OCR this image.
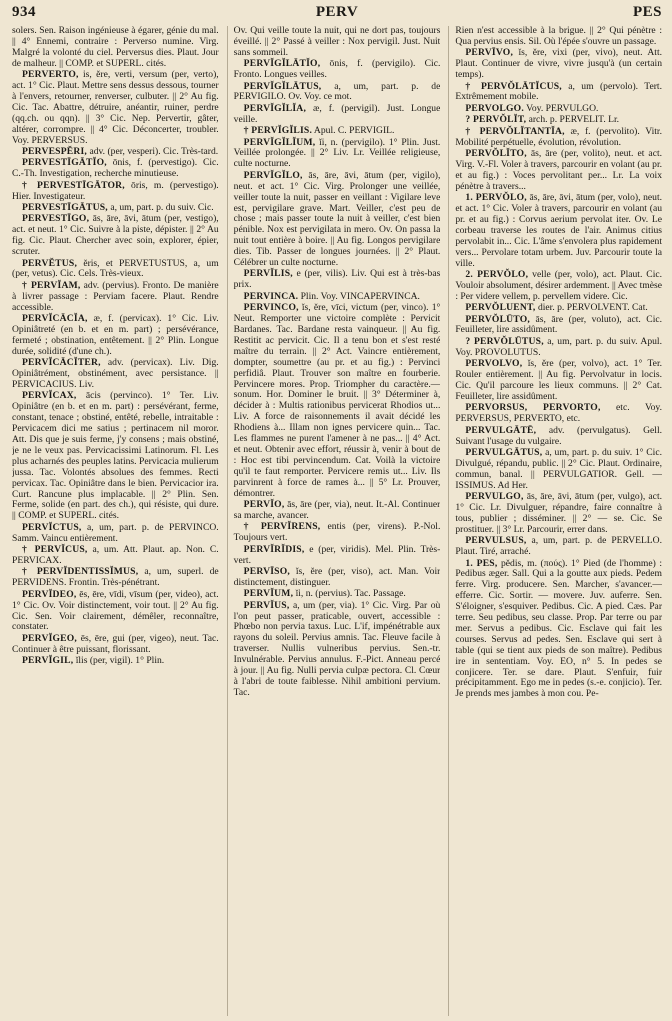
934	PERV	PES

solers. Sen. Raison ingénieuse à égarer, génie du mal. || 4° Ennemi, contraire : Perverso numine. Virg. Malgré la volonté du ciel. Perversus dies. Plaut. Jour de malheur. || COMP. et SUPERL. cités.

PERVERTO, is, ĕre, verti, versum (per, verto), act. 1° Cic. Plaut. Mettre sens dessus dessous, tourner à l'envers, retourner, renverser, culbuter. || 2° Au fig. Cic. Tac. Abattre, détruire, anéantir, ruiner, perdre (qq.ch. ou qqn). || 3° Cic. Nep. Pervertir, gâter, altérer, corrompre. || 4° Cic. Déconcerter, troubler. Voy. PERVERSUS.

PERVESPĔRI, adv. (per, vesperi). Cic. Très-tard.

PERVESTĪGĀTĬO, ōnis, f. (pervestigo). Cic. C.-Th. Investigation, recherche minutieuse.

† PERVESTĪGĀTOR, ōris, m. (pervestigo). Hier. Investigateur.

PERVESTĪGĀTUS, a, um, part. p. du suiv. Cic.

PERVESTĪGO, ās, āre, āvi, ātum (per, vestigo), act. et neut. 1° Cic. Suivre à la piste, dépister. || 2° Au fig. Cic. Plaut. Chercher avec soin, explorer, épier, scruter.

PERVĔTUS, ĕris, et PERVETUSTUS, a, um (per, vetus). Cic. Cels. Très-vieux.

† PERVĬAM, adv. (pervius). Fronto. De manière à livrer passage : Perviam facere. Plaut. Rendre accessible.

PERVĬCĀCĬA, æ, f. (pervicax). 1° Cic. Liv. Opiniâtreté (en b. et en m. part) ; persévérance, fermeté ; obstination, entêtement. || 2° Plin. Longue durée, solidité (d'une ch.).

PERVĬCĀCĬTER, adv. (pervicax). Liv. Dig. Opiniâtrément, obstinément, avec persistance. || PERVICACIUS. Liv.

PERVĬCAX, ācis (pervinco). 1° Ter. Liv. Opiniâtre (en b. et en m. part) : persévérant, ferme, constant, tenace ; obstiné, entêté, rebelle, intraitable : Pervicacem dici me satius ; pertinacem nil moror. Att. Dis que je suis ferme, j'y consens ; mais obstiné, je ne le veux pas. Pervicacissimi Latinorum. Fl. Les plus acharnés des peuples latins. Pervicacia mulierum jussa. Tac. Volontés absolues des femmes. Recti pervicax. Tac. Opiniâtre dans le bien. Pervicacior ira. Curt. Rancune plus implacable. || 2° Plin. Sen. Ferme, solide (en part. des ch.), qui résiste, qui dure. || COMP. et SUPERL. cités.

PERVĬCTUS, a, um, part. p. de PERVINCO. Samm. Vaincu entièrement.

† PERVĬCUS, a, um. Att. Plaut. ap. Non. C. PERVICAX.

† PERVĬDENTISSĬMUS, a, um, superl. de PERVIDENS. Frontin. Très-pénétrant.

PERVĬDEO, ēs, ēre, vīdi, vīsum (per, video), act. 1° Cic. Ov. Voir distinctement, voir tout. || 2° Au fig. Cic. Sen. Voir clairement, démêler, reconnaître, constater.

PERVĬGEO, ēs, ēre, gui (per, vigeo), neut. Tac. Continuer à être puissant, florissant.

PERVĬGIL, ĭlis (per, vigil). 1° Plin.

Ov. Qui veille toute la nuit, qui ne dort pas, toujours éveillé. || 2° Passé à veiller : Nox pervigil. Just. Nuit sans sommeil.

PERVĬGĬLĀTĬO, ōnis, f. (pervigilo). Cic. Fronto. Longues veilles.

PERVĬGĬLĀTUS, a, um, part. p. de PERVIGILO. Ov. Voy. ce mot.

PERVĬGĬLĬA, æ, f. (pervigil). Just. Longue veille.

† PERVĬGĬLIS. Apul. C. PERVIGIL.

PERVĬGĬLĬUM, ĭi, n. (pervigilo). 1° Plin. Just. Veillée prolongée. || 2° Liv. Lr. Veillée religieuse, culte nocturne.

PERVĬGĬLO, ās, āre, āvi, ātum (per, vigilo), neut. et act. 1° Cic. Virg. Prolonger une veillée, veiller toute la nuit, passer en veillant : Vigilare leve est, pervigilare grave. Mart. Veiller, c'est peu de chose ; mais passer toute la nuit à veiller, c'est bien pénible. Nox est pervigilata in mero. Ov. On passa la nuit tout entière à boire. || Au fig. Longos pervigilare dies. Tib. Passer de longues journées. || 2° Plaut. Célébrer un culte nocturne.

PERVĬLIS, e (per, vilis). Liv. Qui est à très-bas prix.

PERVINCA. Plin. Voy. VINCAPERVINCA.

PERVINCO, ĭs, ĕre, vīci, victum (per, vinco). 1° Neut. Remporter une victoire complète : Pervicit Bardanes. Tac. Bardane resta vainqueur. || Au fig. Restitit ac pervicit. Cic. Il a tenu bon et s'est resté maître du terrain. || 2° Act. Vaincre entièrement, dompter, soumettre (au pr. et au fig.) : Pervinci perfidiâ. Plaut. Trouver son maître en fourberie. Pervincere mores. Prop. Triompher du caractère.— sonum. Hor. Dominer le bruit. || 3° Déterminer à, décider à : Multis rationibus pervicerat Rhodios ut... Liv. A force de raisonnements il avait décidé les Rhodiens à... Illam non ignes pervicere quin... Tac. Les flammes ne purent l'amener à ne pas... || 4° Act. et neut. Obtenir avec effort, réussir à, venir à bout de : Hoc est tibi pervincendum. Cat. Voilà la victoire qu'il te faut remporter. Pervicere remis ut... Liv. Ils parvinrent à force de rames à... || 5° Lr. Prouver, démontrer.

PERVĬO, ās, āre (per, via), neut. It.-Al. Continuer sa marche, avancer.

† PERVĬRENS, entis (per, virens). P.-Nol. Toujours vert.

PERVĬRĬDIS, e (per, viridis). Mel. Plin. Très-vert.

PERVĪSO, ĭs, ĕre (per, viso), act. Man. Voir distinctement, distinguer.

PERVĬUM, ĭi, n. (pervius). Tac. Passage.

PERVĬUS, a, um (per, via). 1° Cic. Virg. Par où l'on peut passer, praticable, ouvert, accessible : Phœbo non pervia taxus. Luc. L'if, impénétrable aux rayons du soleil. Pervius amnis. Tac. Fleuve facile à traverser. Nullis vulneribus pervius. Sen.-tr. Invulnérable. Pervius annulus. F.-Pict. Anneau percé à jour. || Au fig. Nulli pervia culpæ pectora. Cl. Cœur à l'abri de toute faiblesse. Nihil ambitioni pervium. Tac.

Rien n'est accessible à la brigue. || 2° Qui pénètre : Qua pervius ensis. Sil. Où l'épée s'ouvre un passage.

PERVĪVO, ĭs, ĕre, vixi (per, vivo), neut. Att. Plaut. Continuer de vivre, vivre jusqu'à (un certain temps).

† PERVŎLĀTĬCUS, a, um (pervolo). Tert. Extrêmement mobile.

PERVOLGO. Voy. PERVULGO.

? PERVŎLĬT, arch. p. PERVELIT. Lr.

† PERVŎLĬTANTĬA, æ, f. (pervolito). Vitr. Mobilité perpétuelle, évolution, révolution.

PERVŎLĬTO, ās, āre (per, volito), neut. et act. Virg. V.-Fl. Voler à travers, parcourir en volant (au pr. et au fig.) : Voces pervolitant per... Lr. La voix pénètre à travers...

1. PERVŎLO, ās, āre, āvi, ātum (per, volo), neut. et act. 1° Cic. Voler à travers, parcourir en volant (au pr. et au fig.) : Corvus aerium pervolat iter. Ov. Le corbeau traverse les routes de l'air. Animus citius pervolabit in... Cic. L'âme s'envolera plus rapidement vers... Pervolare totam urbem. Juv. Parcourir toute la ville.

2. PERVŎLO, velle (per, volo), act. Plaut. Cic. Vouloir absolument, désirer ardemment. || Avec tmèse : Per videre vellem, p. pervellem videre. Cic.

PERVŎLUENT, dier. p. PERVOLVENT. Cat.

PERVŎLŪTO, ās, āre (per, voluto), act. Cic. Feuilleter, lire assidûment.

? PERVŎLŪTUS, a, um, part. p. du suiv. Apul. Voy. PROVOLUTUS.

PERVOLVO, ĭs, ĕre (per, volvo), act. 1° Ter. Rouler entièrement. || Au fig. Pervolvatur in locis. Cic. Qu'il parcoure les lieux communs. || 2° Cat. Feuilleter, lire assidûment.

PERVORSUS, PERVORTO, etc. Voy. PERVERSUS, PERVERTO, etc.

PERVULGĀTĒ, adv. (pervulgatus). Gell. Suivant l'usage du vulgaire.

PERVULGĀTUS, a, um, part. p. du suiv. 1° Cic. Divulgué, répandu, public. || 2° Cic. Plaut. Ordinaire, commun, banal. || PERVULGATIOR. Gell. — ISSIMUS. Ad Her.

PERVULGO, ās, āre, āvi, ātum (per, vulgo), act. 1° Cic. Lr. Divulguer, répandre, faire connaître à tous, publier ; disséminer. || 2° — se. Cic. Se prostituer. || 3° Lr. Parcourir, errer dans.

PERVULSUS, a, um, part. p. de PERVELLO. Plaut. Tiré, arraché.

1. PES, pĕdis, m. (πούς). 1° Pied (de l'homme) : Pedibus æger. Sall. Qui a la goutte aux pieds. Pedem ferre. Virg. producere. Sen. Marcher, s'avancer.— efferre. Cic. Sortir. — movere. Juv. auferre. Sen. S'éloigner, s'esquiver. Pedibus. Cic. A pied. Cæs. Par terre. Seu pedibus, seu classe. Prop. Par terre ou par mer. Servus a pedibus. Cic. Esclave qui fait les courses. Servus ad pedes. Sen. Esclave qui sert à table (qui se tient aux pieds de son maître). Pedibus ire in sententiam. Voy. EO, n° 5. In pedes se conjicere. Ter. se dare. Plaut. S'enfuir, fuir précipitamment. Ego me in pedes (s.-e. conjicio). Ter. Je prends mes jambes à mon cou. Pe-
